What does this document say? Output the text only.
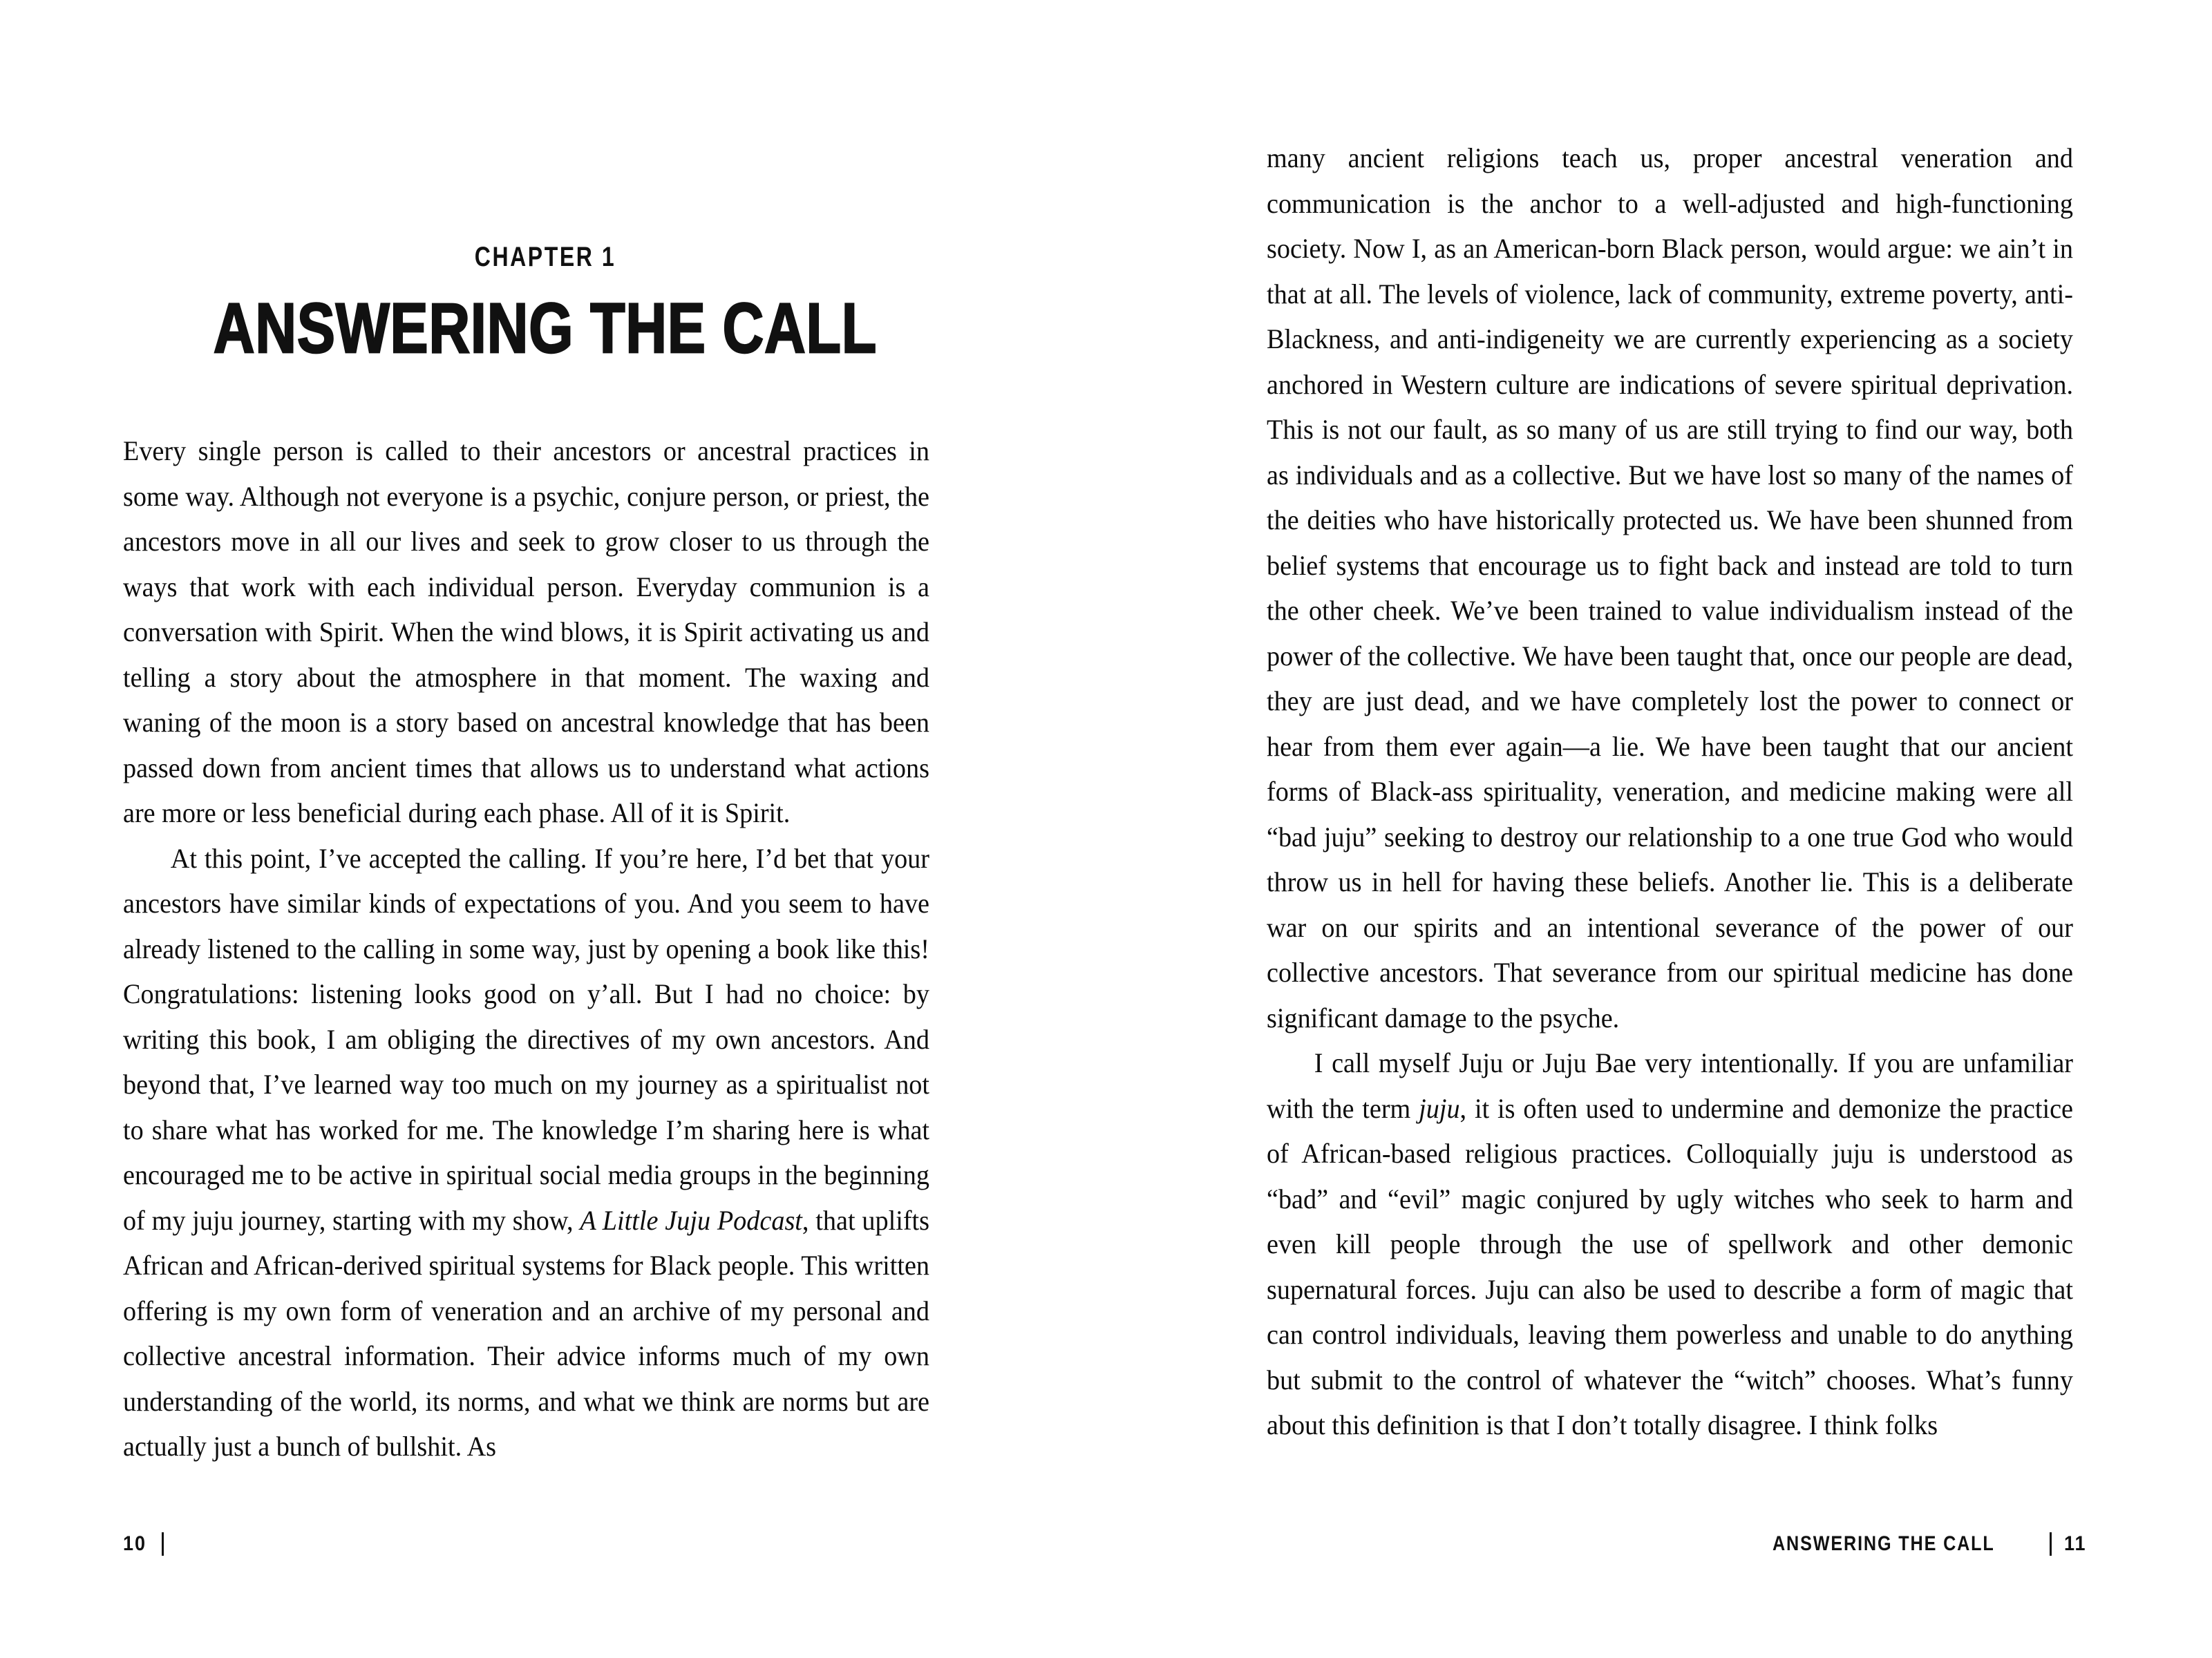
CHAPTER 1
ANSWERING THE CALL

Every single person is called to their ancestors or ancestral practices in some way. Although not everyone is a psychic, conjure person, or priest, the ancestors move in all our lives and seek to grow closer to us through the ways that work with each individual person. Everyday communion is a conversation with Spirit. When the wind blows, it is Spirit activating us and telling a story about the atmosphere in that moment. The waxing and waning of the moon is a story based on ancestral knowledge that has been passed down from ancient times that allows us to understand what actions are more or less beneficial during each phase. All of it is Spirit.

At this point, I’ve accepted the calling. If you’re here, I’d bet that your ancestors have similar kinds of expectations of you. And you seem to have already listened to the calling in some way, just by opening a book like this! Congratulations: listening looks good on y’all. But I had no choice: by writing this book, I am obliging the directives of my own ancestors. And beyond that, I’ve learned way too much on my journey as a spiritualist not to share what has worked for me. The knowledge I’m sharing here is what encouraged me to be active in spiritual social media groups in the beginning of my juju journey, starting with my show, A Little Juju Podcast, that uplifts African and African-derived spiritual systems for Black people. This written offering is my own form of veneration and an archive of my personal and collective ancestral information. Their advice informs much of my own understanding of the world, its norms, and what we think are norms but are actually just a bunch of bullshit. As

10

many ancient religions teach us, proper ancestral veneration and communication is the anchor to a well-adjusted and high-functioning society. Now I, as an American-born Black person, would argue: we ain’t in that at all. The levels of violence, lack of community, extreme poverty, anti-Blackness, and anti-indigeneity we are currently experiencing as a society anchored in Western culture are indications of severe spiritual deprivation. This is not our fault, as so many of us are still trying to find our way, both as individuals and as a collective. But we have lost so many of the names of the deities who have historically protected us. We have been shunned from belief systems that encourage us to fight back and instead are told to turn the other cheek. We’ve been trained to value individualism instead of the power of the collective. We have been taught that, once our people are dead, they are just dead, and we have completely lost the power to connect or hear from them ever again—a lie. We have been taught that our ancient forms of Black-ass spirituality, veneration, and medicine making were all “bad juju” seeking to destroy our relationship to a one true God who would throw us in hell for having these beliefs. Another lie. This is a deliberate war on our spirits and an intentional severance of the power of our collective ancestors. That severance from our spiritual medicine has done significant damage to the psyche.

I call myself Juju or Juju Bae very intentionally. If you are unfamiliar with the term juju, it is often used to undermine and demonize the practice of African-based religious practices. Colloquially juju is understood as “bad” and “evil” magic conjured by ugly witches who seek to harm and even kill people through the use of spellwork and other demonic supernatural forces. Juju can also be used to describe a form of magic that can control individuals, leaving them powerless and unable to do anything but submit to the control of whatever the “witch” chooses. What’s funny about this definition is that I don’t totally disagree. I think folks

ANSWERING THE CALL	11
